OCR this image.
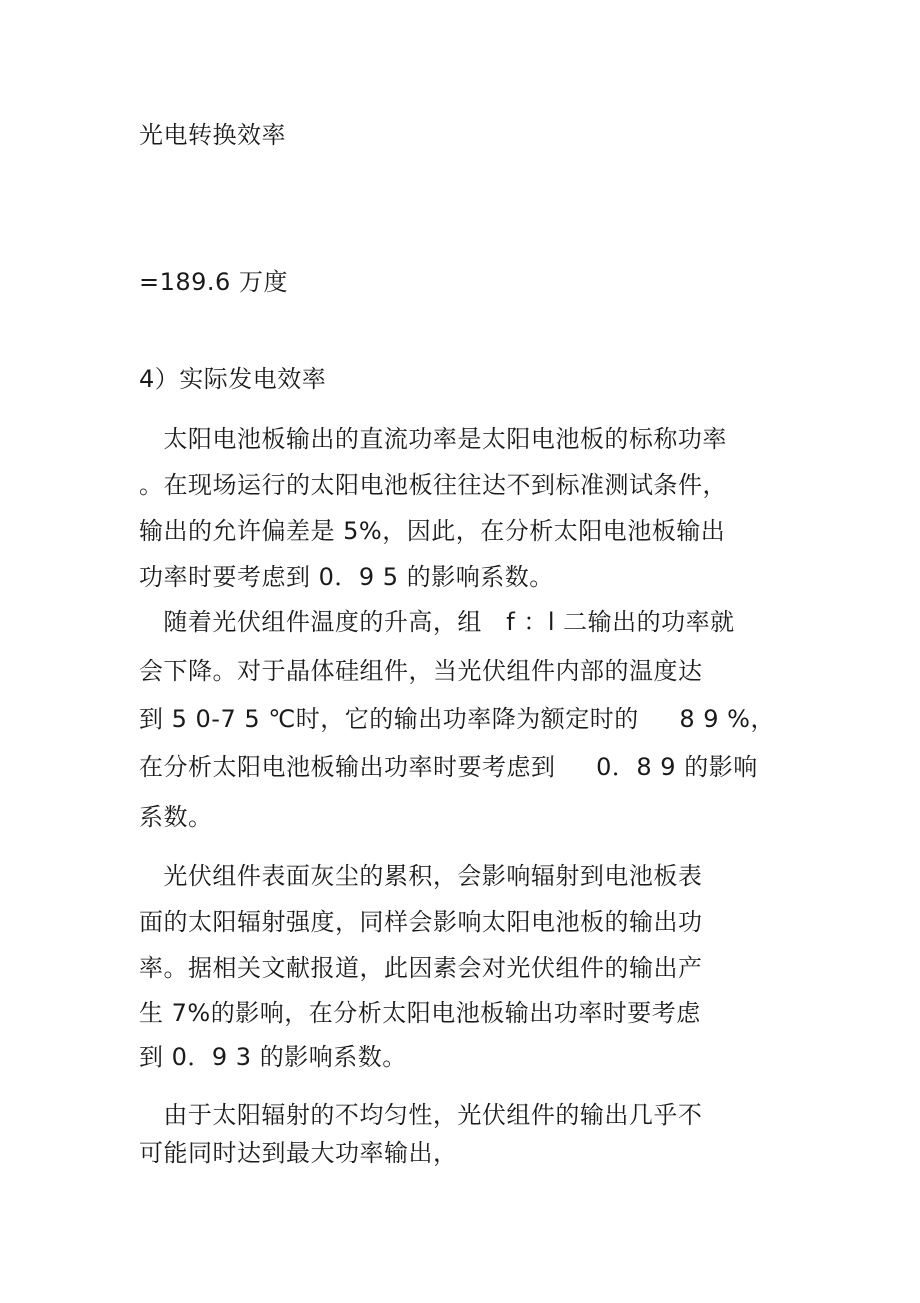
光电转换效率
=189.6 万度
4）实际发电效率
太阳电池板输出的直流功率是太阳电池板的标称功率
。在现场运行的太阳电池板往往达不到标准测试条件，
输出的允许偏差是 5%，因此，在分析太阳电池板输出
功率时要考虑到 0．9 5 的影响系数。
随着光伏组件温度的升高，组   f ：l 二输出的功率就
会下降。对于晶体硅组件，当光伏组件内部的温度达
到 5 0-7 5 ℃时，它的输出功率降为额定时的     8 9 %，
在分析太阳电池板输出功率时要考虑到     0．8 9 的影响
系数。
光伏组件表面灰尘的累积，会影响辐射到电池板表
面的太阳辐射强度，同样会影响太阳电池板的输出功
率。据相关文献报道，此因素会对光伏组件的输出产
生 7%的影响，在分析太阳电池板输出功率时要考虑
到 0．9 3 的影响系数。
由于太阳辐射的不均匀性，光伏组件的输出几乎不
可能同时达到最大功率输出，
